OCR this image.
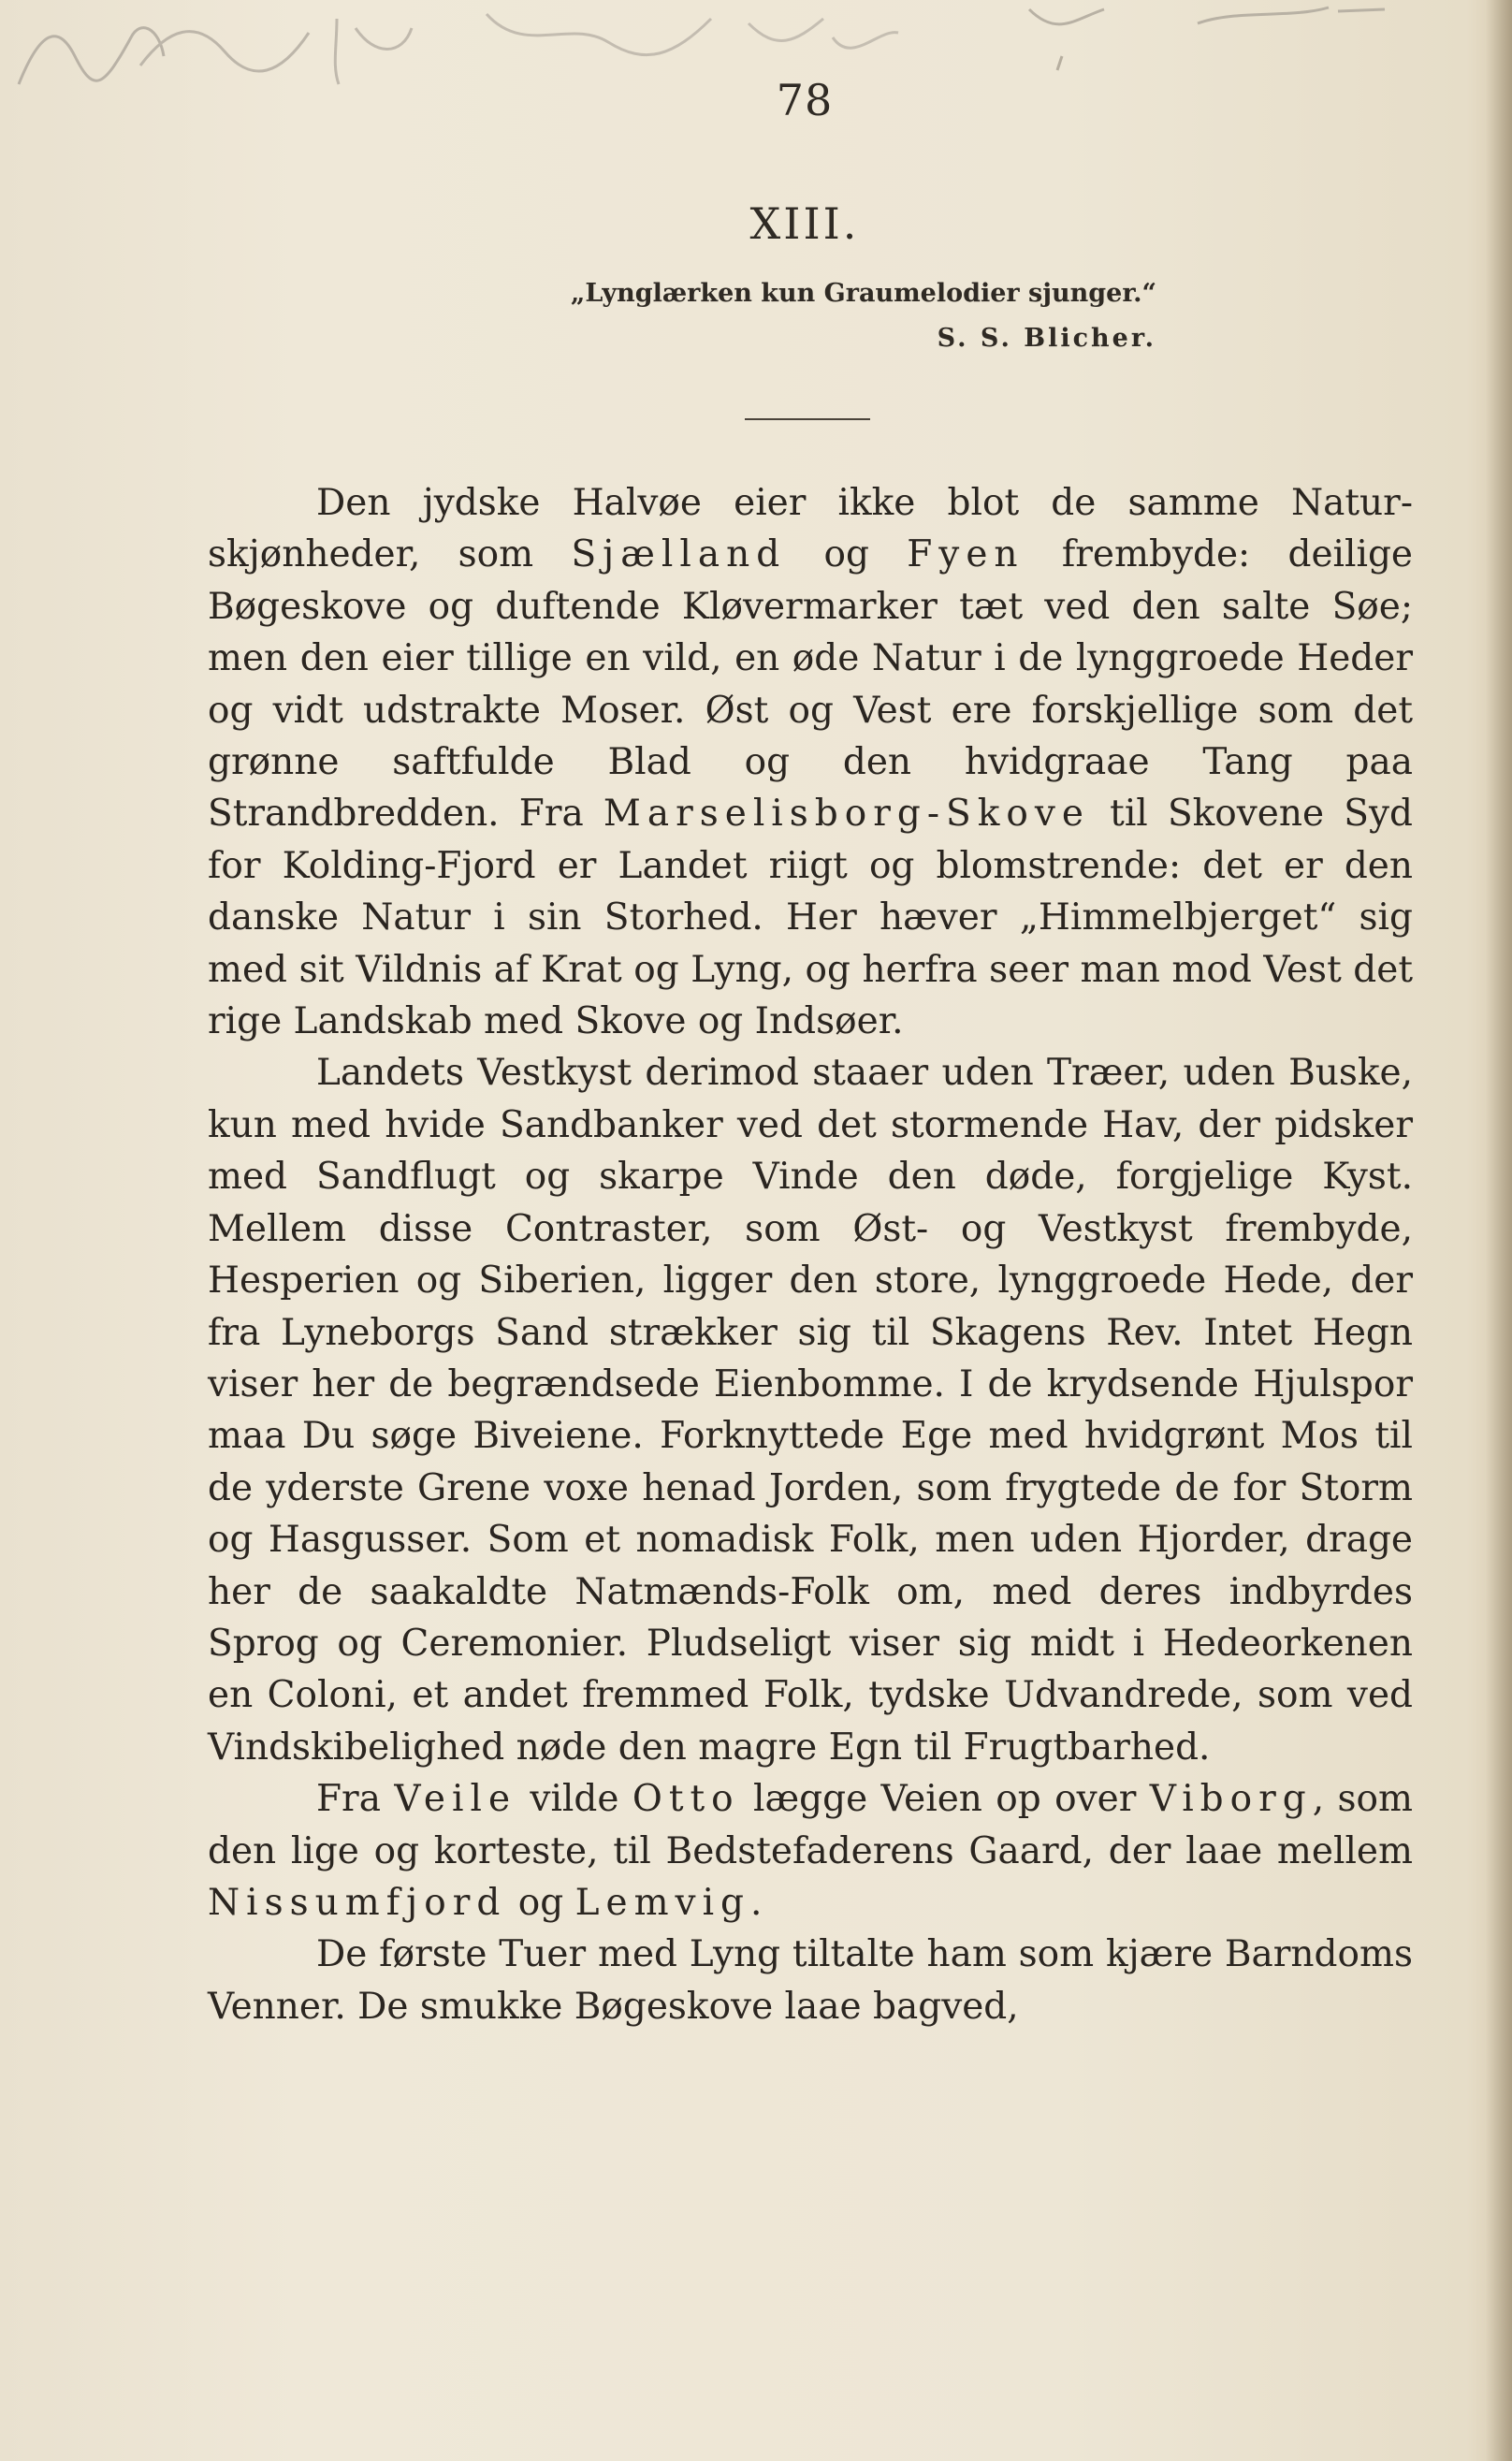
78
XIII.
„Lynglærken kun Graumelodier sjunger.“
S. S. Blicher.

Den jydske Halvøe eier ikke blot de samme Naturskjønheder, som Sjælland og Fyen frembyde: deilige Bøgeskove og duftende Kløvermarker tæt ved den salte Søe; men den eier tillige en vild, en øde Natur i de lynggroede Heder og vidt udstrakte Moser. Øst og Vest ere forskjellige som det grønne saftfulde Blad og den hvidgraae Tang paa Strandbredden. Fra Marselisborg-Skove til Skovene Syd for Kolding-Fjord er Landet riigt og blomstrende: det er den danske Natur i sin Storhed. Her hæver „Himmelbjerget“ sig med sit Vildnis af Krat og Lyng, og herfra seer man mod Vest det rige Landskab med Skove og Indsøer.

Landets Vestkyst derimod staaer uden Træer, uden Buske, kun med hvide Sandbanker ved det stormende Hav, der pidsker med Sandflugt og skarpe Vinde den døde, forgjelige Kyst. Mellem disse Contraster, som Øst- og Vestkyst frembyde, Hesperien og Siberien, ligger den store, lynggroede Hede, der fra Lyneborgs Sand strækker sig til Skagens Rev. Intet Hegn viser her de begrændsede Eienbomme. I de krydsende Hjulspor maa Du søge Biveiene. Forknyttede Ege med hvidgrønt Mos til de yderste Grene voxe henad Jorden, som frygtede de for Storm og Hasgusser. Som et nomadisk Folk, men uden Hjorder, drage her de saakaldte Natmænds-Folk om, med deres indbyrdes Sprog og Ceremonier. Pludseligt viser sig midt i Hedeorkenen en Coloni, et andet fremmed Folk, tydske Udvandrede, som ved Vindskibelighed nøde den magre Egn til Frugtbarhed.

Fra Veile vilde Otto lægge Veien op over Viborg, som den lige og korteste, til Bedstefaderens Gaard, der laae mellem Nissumfjord og Lemvig.

De første Tuer med Lyng tiltalte ham som kjære Barndoms Venner. De smukke Bøgeskove laae bagved,
